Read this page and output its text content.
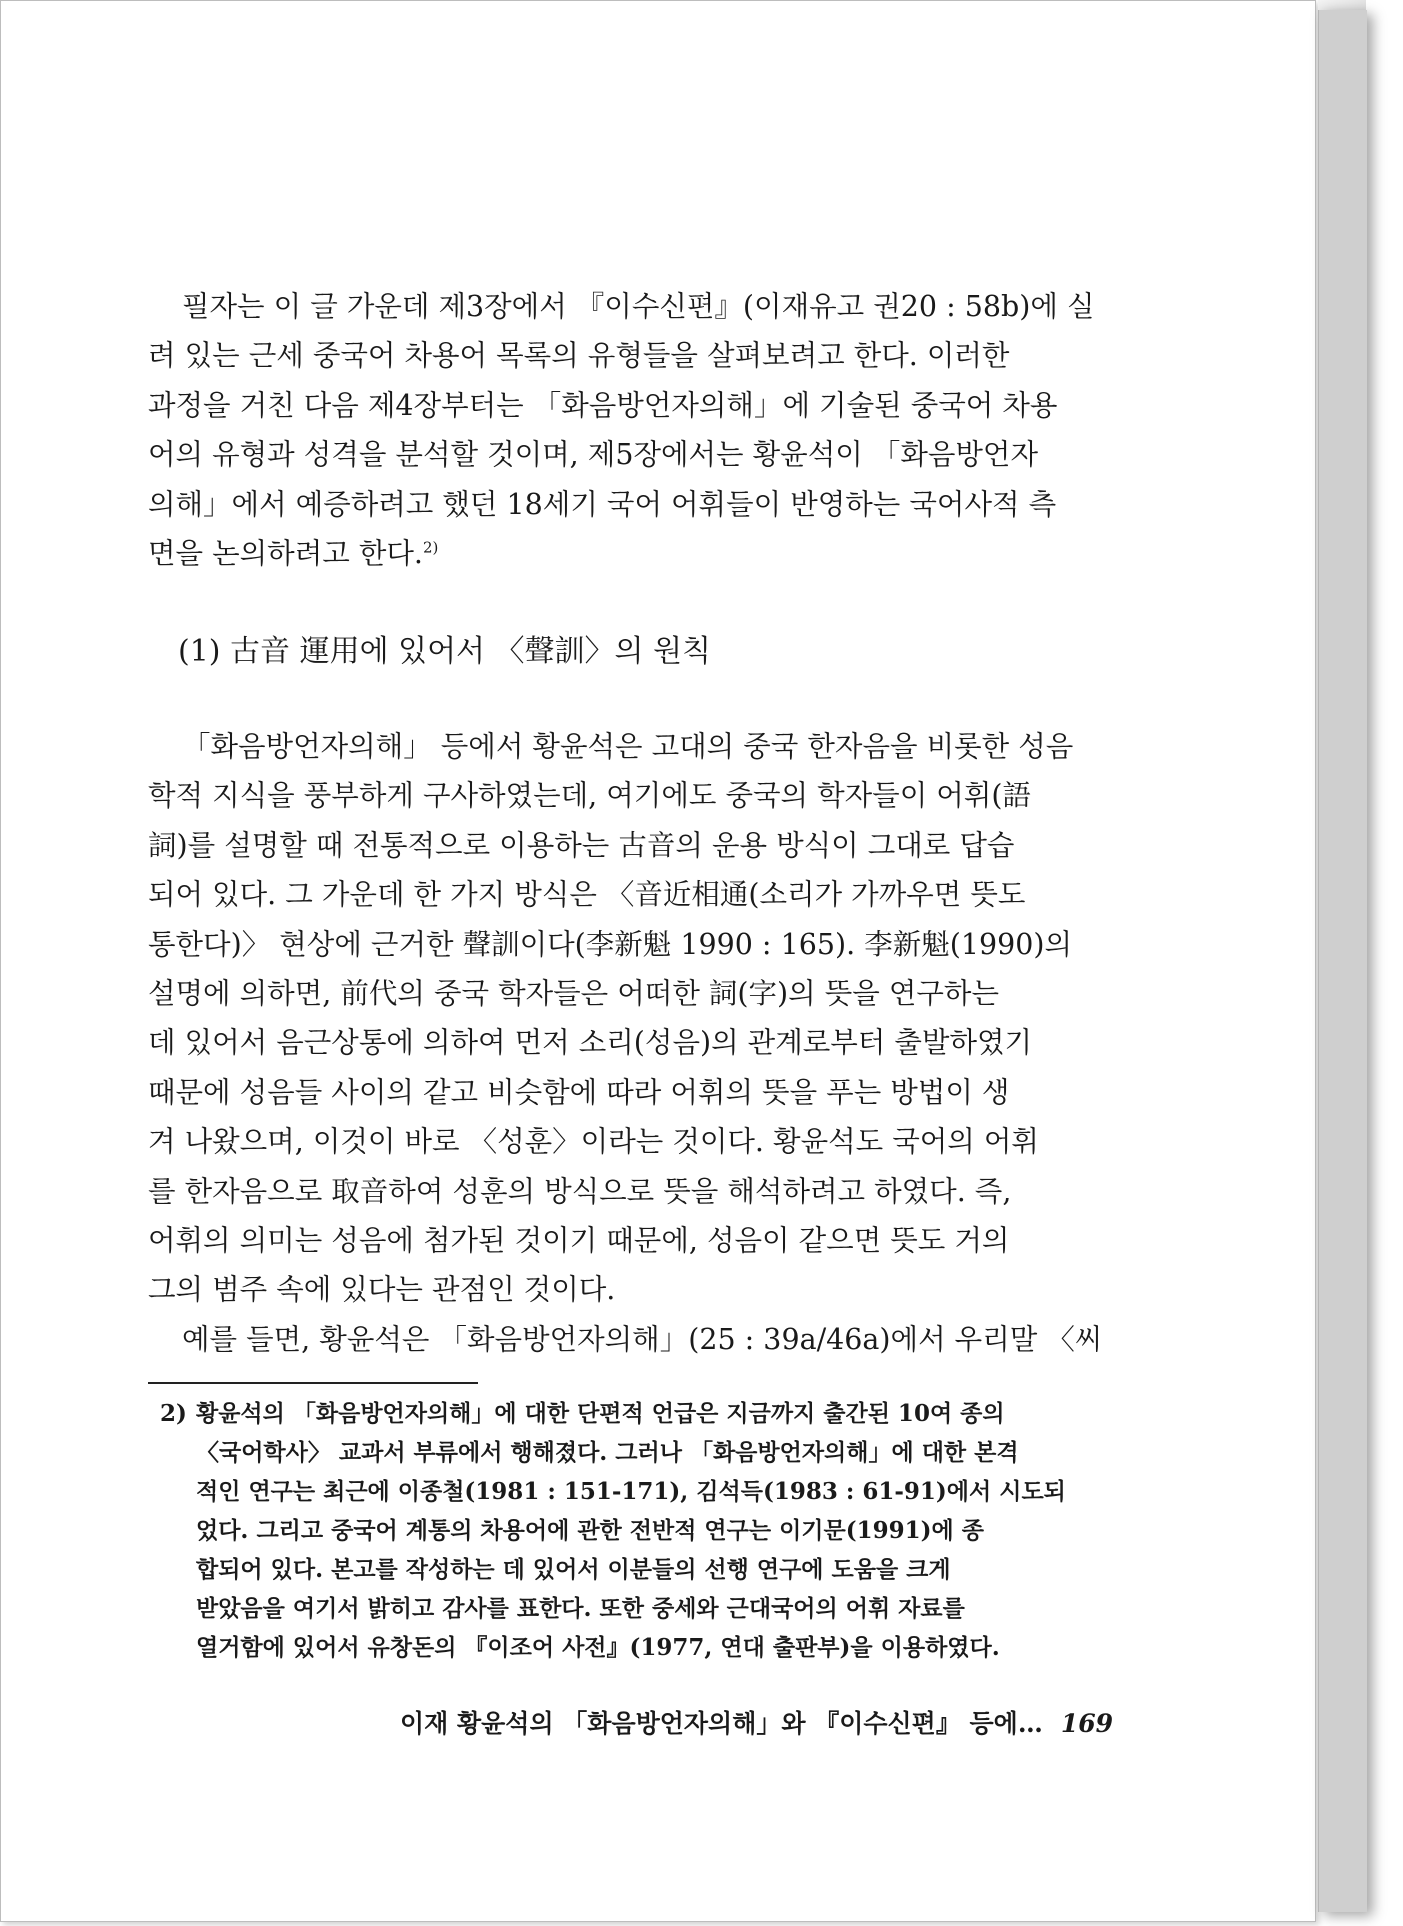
필자는 이 글 가운데 제3장에서 『이수신편』(이재유고 권20 : 58b)에 실
려 있는 근세 중국어 차용어 목록의 유형들을 살펴보려고 한다. 이러한
과정을 거친 다음 제4장부터는 「화음방언자의해」에 기술된 중국어 차용
어의 유형과 성격을 분석할 것이며, 제5장에서는 황윤석이 「화음방언자
의해」에서 예증하려고 했던 18세기 국어 어휘들이 반영하는 국어사적 측
면을 논의하려고 한다.$^{2)}$
(1) 古音 運用에 있어서 〈聲訓〉의 원칙
「화음방언자의해」 등에서 황윤석은 고대의 중국 한자음을 비롯한 성음
학적 지식을 풍부하게 구사하였는데, 여기에도 중국의 학자들이 어휘(語
詞)를 설명할 때 전통적으로 이용하는 古音의 운용 방식이 그대로 답습
되어 있다. 그 가운데 한 가지 방식은 〈音近相通(소리가 가까우면 뜻도
통한다)〉 현상에 근거한 聲訓이다(李新魁 1990 : 165). 李新魁(1990)의
설명에 의하면, 前代의 중국 학자들은 어떠한 詞(字)의 뜻을 연구하는
데 있어서 음근상통에 의하여 먼저 소리(성음)의 관계로부터 출발하였기
때문에 성음들 사이의 같고 비슷함에 따라 어휘의 뜻을 푸는 방법이 생
겨 나왔으며, 이것이 바로 〈성훈〉이라는 것이다. 황윤석도 국어의 어휘
를 한자음으로 取音하여 성훈의 방식으로 뜻을 해석하려고 하였다. 즉,
어휘의 의미는 성음에 첨가된 것이기 때문에, 성음이 같으면 뜻도 거의
그의 범주 속에 있다는 관점인 것이다.
예를 들면, 황윤석은 「화음방언자의해」(25 : 39a/46a)에서 우리말 〈씨
2) 황윤석의 「화음방언자의해」에 대한 단편적 언급은 지금까지 출간된 10여 종의
〈국어학사〉 교과서 부류에서 행해졌다. 그러나 「화음방언자의해」에 대한 본격
적인 연구는 최근에 이종철(1981 : 151-171), 김석득(1983 : 61-91)에서 시도되
었다. 그리고 중국어 계통의 차용어에 관한 전반적 연구는 이기문(1991)에 종
합되어 있다. 본고를 작성하는 데 있어서 이분들의 선행 연구에 도움을 크게
받았음을 여기서 밝히고 감사를 표한다. 또한 중세와 근대국어의 어휘 자료를
열거함에 있어서 유창돈의 『이조어 사전』(1977, 연대 출판부)을 이용하였다.
이재 황윤석의 「화음방언자의해」와 『이수신편』 등에… 169
